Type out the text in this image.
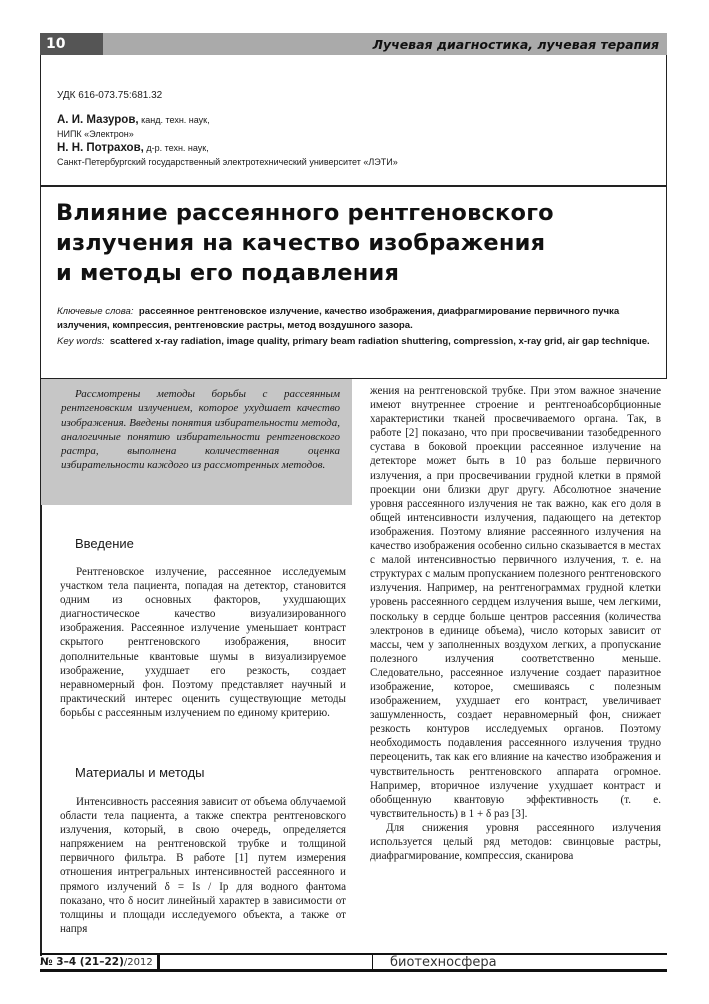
10	Лучевая диагностика, лучевая терапия
УДК 616-073.75:681.32
А. И. Мазуров, канд. техн. наук,
НИПК «Электрон»
Н. Н. Потрахов, д-р. техн. наук,
Санкт-Петербургский государственный электротехнический университет «ЛЭТИ»
Влияние рассеянного рентгеновского
излучения на качество изображения
и методы его подавления
Ключевые слова: рассеянное рентгеновское излучение, качество изображения, диафрагмирование первичного пучка излучения, компрессия, рентгеновские растры, метод воздушного зазора.
Key words: scattered x-ray radiation, image quality, primary beam radiation shuttering, compression, x-ray grid, air gap technique.

Рассмотрены методы борьбы с рассеянным рентгеновским излучением, которое ухудшает качество изображения. Введены понятия избирательности метода, аналогичные понятию избирательности рентгеновского растра, выполнена количественная оценка избирательности каждого из рассмотренных методов.

Введение

Рентгеновское излучение, рассеянное исследуемым участком тела пациента, попадая на детектор, становится одним из основных факторов, ухудшающих диагностическое качество визуализированного изображения. Рассеянное излучение уменьшает контраст скрытого рентгеновского изображения, вносит дополнительные квантовые шумы в визуализируемое изображение, ухудшает его резкость, создает неравномерный фон. Поэтому представляет научный и практический интерес оценить существующие методы борьбы с рассеянным излучением по единому критерию.

Материалы и методы

Интенсивность рассеяния зависит от объема облучаемой области тела пациента, а также спектра рентгеновского излучения, который, в свою очередь, определяется напряжением на рентгеновской трубке и толщиной первичного фильтра. В работе [1] путем измерения отношения интрегральных интенсивностей рассеянного и прямого излучений δ = Is / Ip для водного фантома показано, что δ носит линейный характер в зависимости от толщины и площади исследуемого объекта, а также от напря

жения на рентгеновской трубке. При этом важное значение имеют внутреннее строение и рентгеноабсорбционные характеристики тканей просвечиваемого органа. Так, в работе [2] показано, что при просвечивании тазобедренного сустава в боковой проекции рассеянное излучение на детекторе может быть в 10 раз больше первичного излучения, а при просвечивании грудной клетки в прямой проекции они близки друг другу. Абсолютное значение уровня рассеянного излучения не так важно, как его доля в общей интенсивности излучения, падающего на детектор изображения. Поэтому влияние рассеянного излучения на качество изображения особенно сильно сказывается в местах с малой интенсивностью первичного излучения, т. е. на структурах с малым пропусканием полезного рентгеновского излучения. Например, на рентгенограммах грудной клетки уровень рассеянного сердцем излучения выше, чем легкими, поскольку в сердце больше центров рассеяния (количества электронов в единице объема), число которых зависит от массы, чем у заполненных воздухом легких, а пропускание полезного излучения соответственно меньше. Следовательно, рассеянное излучение создает паразитное изображение, которое, смешиваясь с полезным изображением, ухудшает его контраст, увеличивает зашумленность, создает неравномерный фон, снижает резкость контуров исследуемых органов. Поэтому необходимость подавления рассеянного излучения трудно переоценить, так как его влияние на качество изображения и чувствительность рентгеновского аппарата огромное. Например, вторичное излучение ухудшает контраст и обобщенную квантовую эффективность (т. е. чувствительность) в 1 + δ раз [3].

Для снижения уровня рассеянного излучения используется целый ряд методов: свинцовые растры, диафрагмирование, компрессия, сканирова

№ 3–4 (21–22) /2012	биотехносфера
